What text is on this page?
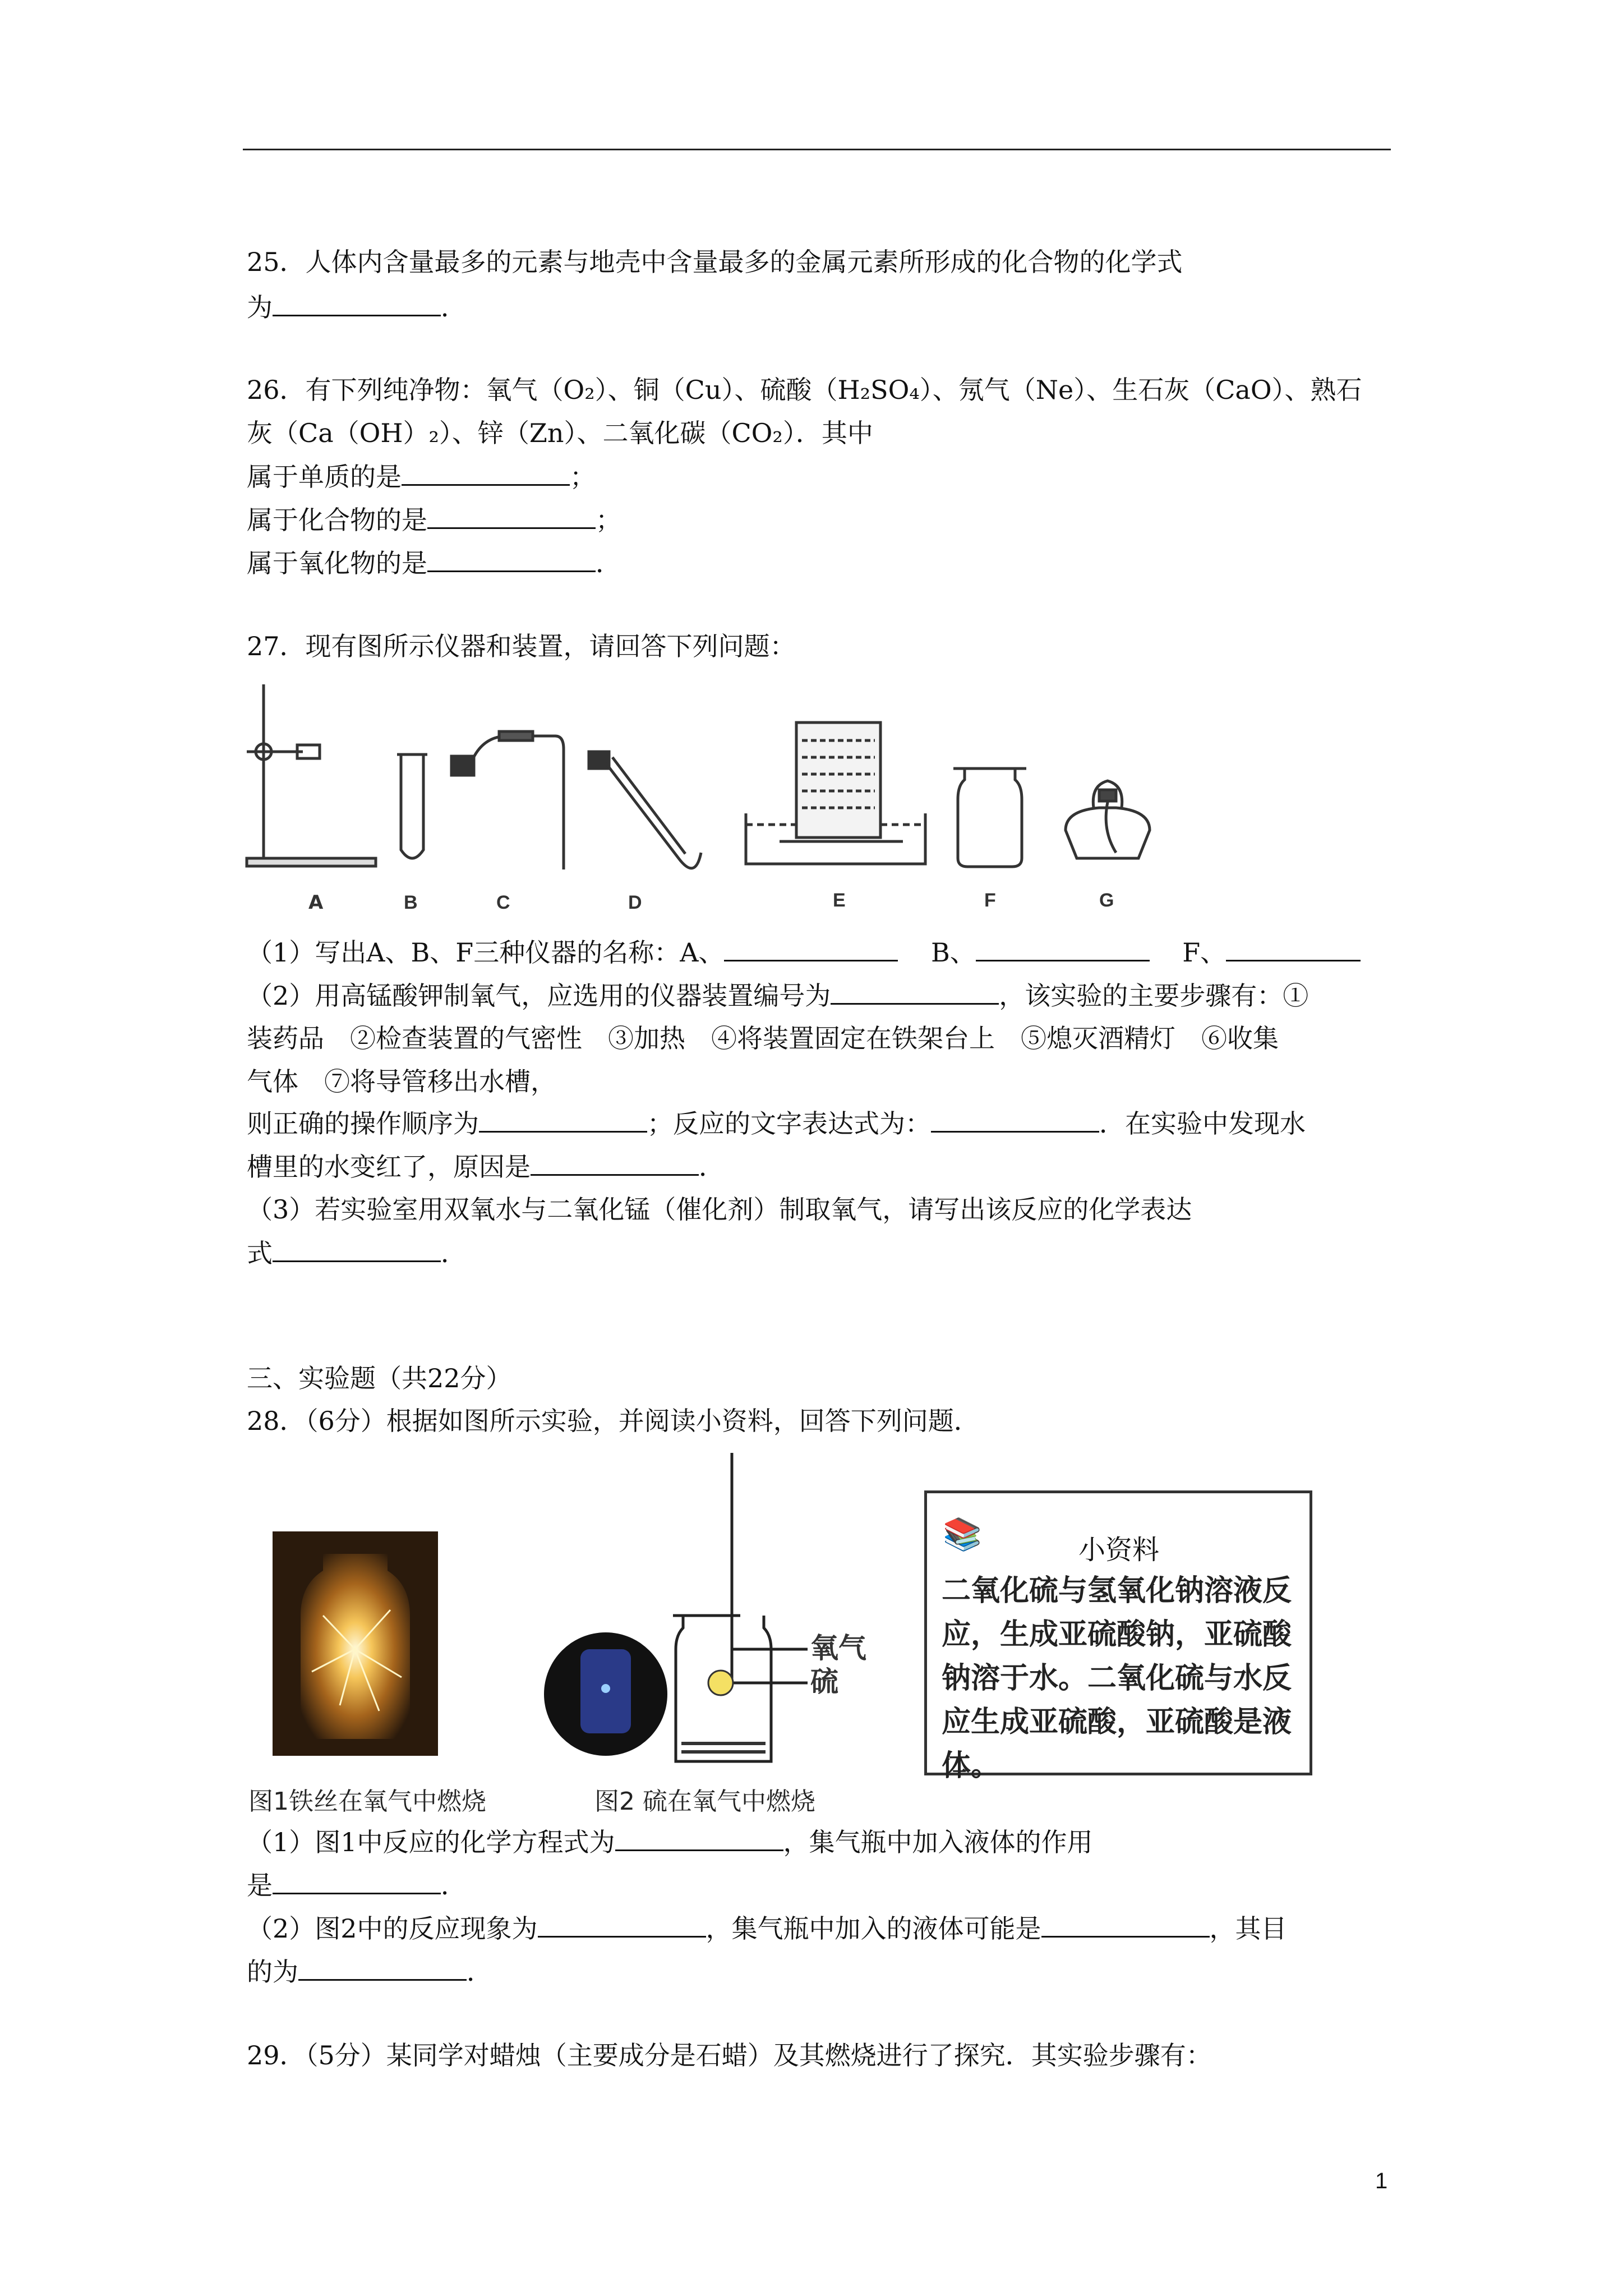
25．人体内含量最多的元素与地壳中含量最多的金属元素所形成的化合物的化学式
为	．
26．有下列纯净物：氧气（O₂）、铜（Cu）、硫酸（H₂SO₄）、氖气（Ne）、生石灰（CaO）、熟石
灰（Ca（OH）₂）、锌（Zn）、二氧化碳（CO₂）．其中
属于单质的是	；
属于化合物的是	；
属于氧化物的是	．
27．现有图所示仪器和装置，请回答下列问题：
A	B	C	D	E	F	G
（1）写出A、B、F三种仪器的名称：A、	B、	F、
（2）用高锰酸钾制氧气，应选用的仪器装置编号为	，该实验的主要步骤有：①
装药品　②检查装置的气密性　③加热　④将装置固定在铁架台上　⑤熄灭酒精灯　⑥收集
气体　⑦将导管移出水槽，
则正确的操作顺序为	；反应的文字表达式为：	．在实验中发现水
槽里的水变红了，原因是	．
（3）若实验室用双氧水与二氧化锰（催化剂）制取氧气，请写出该反应的化学表达
式	．
三、实验题（共22分）
28．（6分）根据如图所示实验，并阅读小资料，回答下列问题．
氧气
硫
📚	小资料
二氧化硫与氢氧化钠溶液反应，生成亚硫酸钠，亚硫酸钠溶于水。二氧化硫与水反应生成亚硫酸，亚硫酸是液体。
图1铁丝在氧气中燃烧	图2 硫在氧气中燃烧
（1）图1中反应的化学方程式为	，集气瓶中加入液体的作用
是	．
（2）图2中的反应现象为	，集气瓶中加入的液体可能是	，其目
的为	．
29．（5分）某同学对蜡烛（主要成分是石蜡）及其燃烧进行了探究．其实验步骤有：
1
